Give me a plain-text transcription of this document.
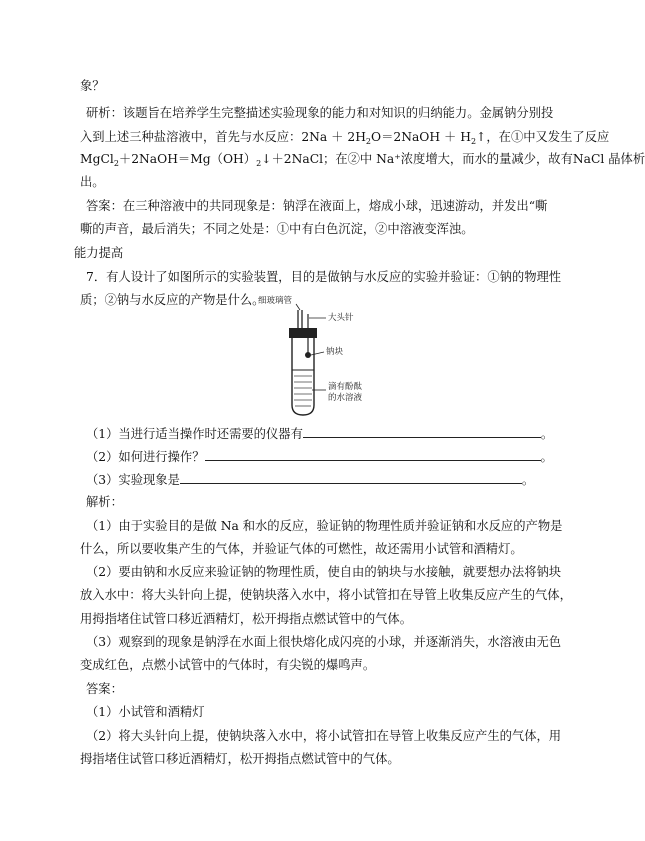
象？
研析：该题旨在培养学生完整描述实验现象的能力和对知识的归纳能力。金属钠分别投
入到上述三种盐溶液中，首先与水反应：$2Na + 2H_2O=2NaOH$ ＋ $H_2↑$，在①中又发生了反应
$MgCl_2+2NaOH=Mg(OH)_2↓+2NaCl$；在②中 Na⁺浓度增大，而水的量减少，故有NaCl 晶体析
出。
答案：在三种溶液中的共同现象是：钠浮在液面上，熔成小球，迅速游动，并发出“嘶
嘶的声音，最后消失；不同之处是：①中有白色沉淀，②中溶液变浑浊。
能力提高
7．有人设计了如图所示的实验装置，目的是做钠与水反应的实验并验证：①钠的物理性
质；②钠与水反应的产物是什么。
细玻璃管
大头针
钠块
滴有酚酞
的水溶液
（1）当进行适当操作时还需要的仪器有	。
（2）如何进行操作？	。
（3）实验现象是	。
解析：
（1）由于实验目的是做 Na 和水的反应，验证钠的物理性质并验证钠和水反应的产物是
什么，所以要收集产生的气体，并验证气体的可燃性，故还需用小试管和酒精灯。
（2）要由钠和水反应来验证钠的物理性质，使自由的钠块与水接触，就要想办法将钠块
放入水中：将大头针向上提，使钠块落入水中，将小试管扣在导管上收集反应产生的气体，
用拇指堵住试管口移近酒精灯，松开拇指点燃试管中的气体。
（3）观察到的现象是钠浮在水面上很快熔化成闪亮的小球，并逐渐消失，水溶液由无色
变成红色，点燃小试管中的气体时，有尖锐的爆鸣声。
答案：
（1）小试管和酒精灯
（2）将大头针向上提，使钠块落入水中，将小试管扣在导管上收集反应产生的气体，用
拇指堵住试管口移近酒精灯，松开拇指点燃试管中的气体。
